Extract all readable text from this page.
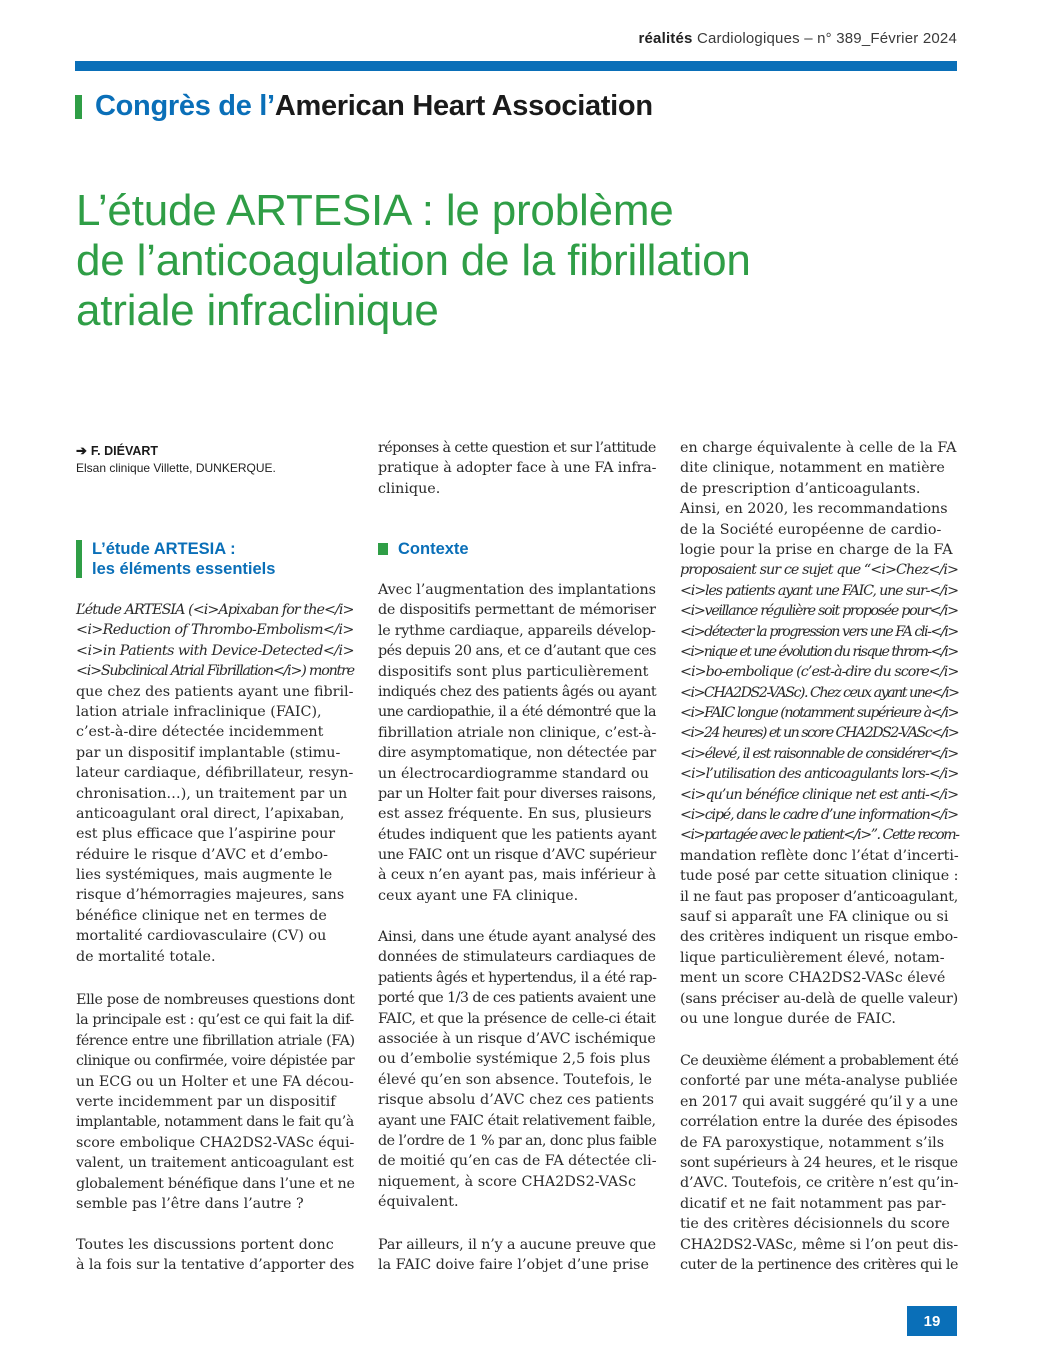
réalités Cardiologiques – n° 389_Février 2024
Congrès de l’ American Heart Association
L’étude ARTESIA : le problème
de l’anticoagulation de la fibrillation
atriale infraclinique
➔ F. DIÉVART
Elsan clinique Villette, DUNKERQUE.
L’étude ARTESIA :
les éléments essentiels
Contexte
L’étude ARTESIA (<i>Apixaban for the</i>
<i>Reduction of Thrombo-Embolism</i>
<i>in Patients with Device-Detected</i>
<i>Subclinical Atrial Fibrillation</i>) montre
que chez des patients ayant une fibril-
lation atriale infraclinique (FAIC),
c’est-à-dire détectée incidemment
par un dispositif implantable (stimu-
lateur cardiaque, défibrillateur, resyn-
chronisation…), un traitement par un
anticoagulant oral direct, l’apixaban,
est plus efficace que l’aspirine pour
réduire le risque d’AVC et d’embo-
lies systémiques, mais augmente le
risque d’hémorragies majeures, sans
bénéfice clinique net en termes de
mortalité cardiovasculaire (CV) ou
de mortalité totale.
Elle pose de nombreuses questions dont
la principale est : qu’est ce qui fait la dif-
férence entre une fibrillation atriale (FA)
clinique ou confirmée, voire dépistée par
un ECG ou un Holter et une FA décou-
verte incidemment par un dispositif
implantable, notamment dans le fait qu’à
score embolique CHA2DS2-VASc équi-
valent, un traitement anticoagulant est
globalement bénéfique dans l’une et ne
semble pas l’être dans l’autre ?
Toutes les discussions portent donc
à la fois sur la tentative d’apporter des
réponses à cette question et sur l’attitude
pratique à adopter face à une FA infra-
clinique.
Avec l’augmentation des implantations
de dispositifs permettant de mémoriser
le rythme cardiaque, appareils dévelop-
pés depuis 20 ans, et ce d’autant que ces
dispositifs sont plus particulièrement
indiqués chez des patients âgés ou ayant
une cardiopathie, il a été démontré que la
fibrillation atriale non clinique, c’est-à-
dire asymptomatique, non détectée par
un électrocardiogramme standard ou
par un Holter fait pour diverses raisons,
est assez fréquente. En sus, plusieurs
études indiquent que les patients ayant
une FAIC ont un risque d’AVC supérieur
à ceux n’en ayant pas, mais inférieur à
ceux ayant une FA clinique.
Ainsi, dans une étude ayant analysé des
données de stimulateurs cardiaques de
patients âgés et hypertendus, il a été rap-
porté que 1/3 de ces patients avaient une
FAIC, et que la présence de celle-ci était
associée à un risque d’AVC ischémique
ou d’embolie systémique 2,5 fois plus
élevé qu’en son absence. Toutefois, le
risque absolu d’AVC chez ces patients
ayant une FAIC était relativement faible,
de l’ordre de 1 % par an, donc plus faible
de moitié qu’en cas de FA détectée cli-
niquement, à score CHA2DS2-VASc
équivalent.
Par ailleurs, il n’y a aucune preuve que
la FAIC doive faire l’objet d’une prise
en charge équivalente à celle de la FA
dite clinique, notamment en matière
de prescription d’anticoagulants.
Ainsi, en 2020, les recommandations
de la Société européenne de cardio-
logie pour la prise en charge de la FA
proposaient sur ce sujet que “<i>Chez</i>
<i>les patients ayant une FAIC, une sur-</i>
<i>veillance régulière soit proposée pour</i>
<i>détecter la progression vers une FA cli-</i>
<i>nique et une évolution du risque throm-</i>
<i>bo-embolique (c’est-à-dire du score</i>
<i>CHA2DS2-VASc). Chez ceux ayant une</i>
<i>FAIC longue (notamment supérieure à</i>
<i>24 heures) et un score CHA2DS2-VASc</i>
<i>élevé, il est raisonnable de considérer</i>
<i>l’utilisation des anticoagulants lors-</i>
<i>qu’un bénéfice clinique net est anti-</i>
<i>cipé, dans le cadre d’une information</i>
<i>partagée avec le patient</i>”. Cette recom-
mandation reflète donc l’état d’incerti-
tude posé par cette situation clinique :
il ne faut pas proposer d’anticoagulant,
sauf si apparaît une FA clinique ou si
des critères indiquent un risque embo-
lique particulièrement élevé, notam-
ment un score CHA2DS2-VASc élevé
(sans préciser au-delà de quelle valeur)
ou une longue durée de FAIC.
Ce deuxième élément a probablement été
conforté par une méta-analyse publiée
en 2017 qui avait suggéré qu’il y a une
corrélation entre la durée des épisodes
de FA paroxystique, notamment s’ils
sont supérieurs à 24 heures, et le risque
d’AVC. Toutefois, ce critère n’est qu’in-
dicatif et ne fait notamment pas par-
tie des critères décisionnels du score
CHA2DS2-VASc, même si l’on peut dis-
cuter de la pertinence des critères qui le
19
